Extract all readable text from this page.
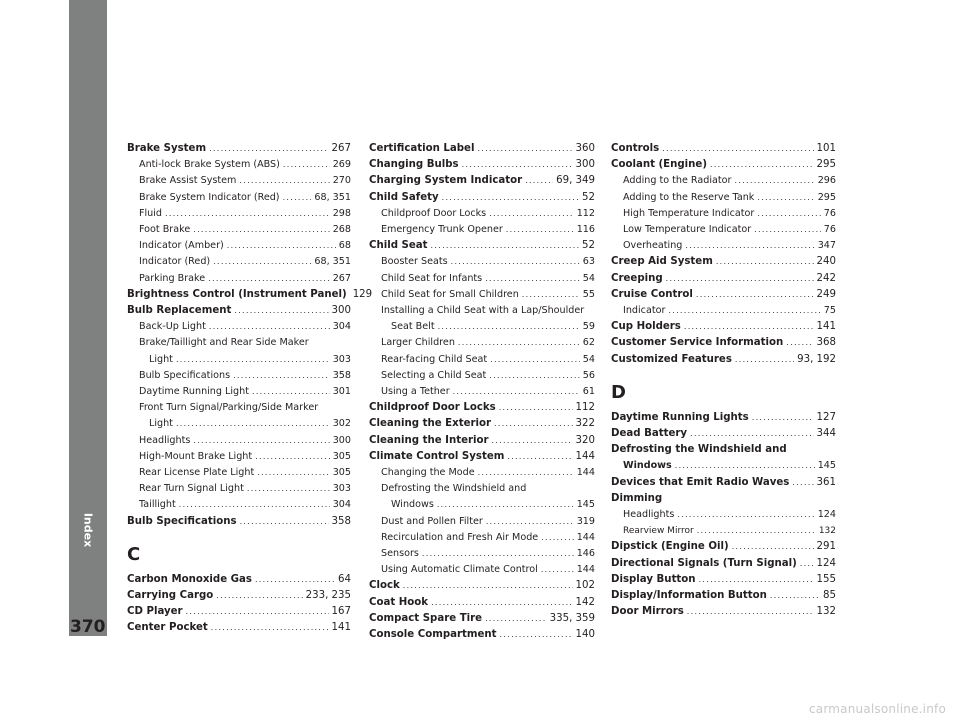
Index
370
Brake System .....	267
Anti-lock Brake System (ABS) .....	269
Brake Assist System .....	270
Brake System Indicator (Red) .....	68, 351
Fluid .....	298
Foot Brake .....	268
Indicator (Amber) .....	68
Indicator (Red) .....	68, 351
Parking Brake .....	267
Brightness Control (Instrument Panel) 129
Bulb Replacement .....	300
Back-Up Light .....	304
Brake/Taillight and Rear Side Maker
Light .....	303
Bulb Specifications .....	358
Daytime Running Light .....	301
Front Turn Signal/Parking/Side Marker
Light .....	302
Headlights .....	300
High-Mount Brake Light .....	305
Rear License Plate Light .....	305
Rear Turn Signal Light .....	303
Taillight .....	304
Bulb Specifications .....	358
C
Carbon Monoxide Gas .....	64
Carrying Cargo .....	233, 235
CD Player .....	167
Center Pocket .....	141
Certification Label .....	360
Changing Bulbs .....	300
Charging System Indicator .....	69, 349
Child Safety .....	52
Childproof Door Locks .....	112
Emergency Trunk Opener .....	116
Child Seat .....	52
Booster Seats .....	63
Child Seat for Infants .....	54
Child Seat for Small Children .....	55
Installing a Child Seat with a Lap/Shoulder
Seat Belt .....	59
Larger Children .....	62
Rear-facing Child Seat .....	54
Selecting a Child Seat .....	56
Using a Tether .....	61
Childproof Door Locks .....	112
Cleaning the Exterior .....	322
Cleaning the Interior .....	320
Climate Control System .....	144
Changing the Mode .....	144
Defrosting the Windshield and
Windows .....	145
Dust and Pollen Filter .....	319
Recirculation and Fresh Air Mode .....	144
Sensors .....	146
Using Automatic Climate Control .....	144
Clock .....	102
Coat Hook .....	142
Compact Spare Tire .....	335, 359
Console Compartment .....	140
Controls .....	101
Coolant (Engine) .....	295
Adding to the Radiator .....	296
Adding to the Reserve Tank .....	295
High Temperature Indicator .....	76
Low Temperature Indicator .....	76
Overheating .....	347
Creep Aid System .....	240
Creeping .....	242
Cruise Control .....	249
Indicator .....	75
Cup Holders .....	141
Customer Service Information .....	368
Customized Features .....	93, 192
D
Daytime Running Lights .....	127
Dead Battery .....	344
Defrosting the Windshield and
Windows .....	145
Devices that Emit Radio Waves .....	361
Dimming
Headlights .....	124
Rearview Mirror .....	132
Dipstick (Engine Oil) .....	291
Directional Signals (Turn Signal) ..... 124
Display Button .....	155
Display/Information Button .....	85
Door Mirrors .....	132
carmanualsonline.info
